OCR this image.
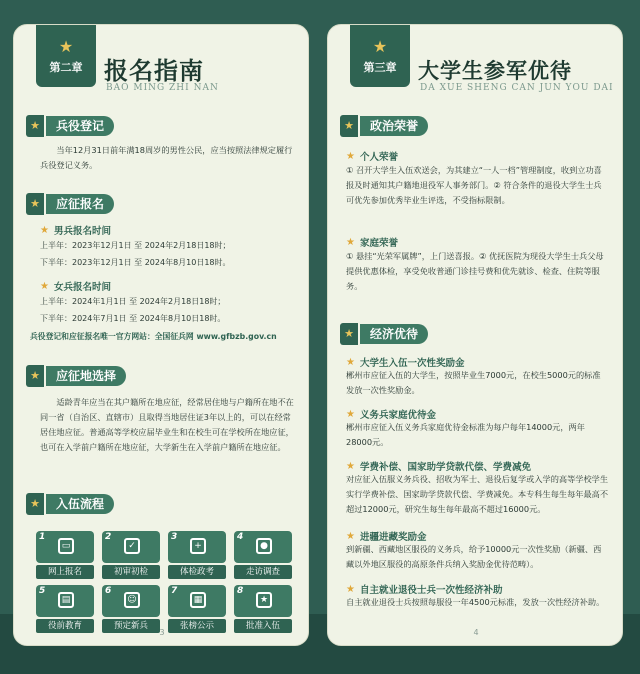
★
第二章 报名指南
BAO MING ZHI NAN
★	兵役登记
当年12月31日前年满18周岁的男性公民，应当按照法律规定履行兵役登记义务。
★	应征报名
★ 男兵报名时间
上半年：2023年12月1日 至 2024年2月18日18时；
下半年：2023年12月1日 至 2024年8月10日18时。
★ 女兵报名时间
上半年：2024年1月1日 至 2024年2月18日18时；
下半年：2024年7月1日 至 2024年8月10日18时。
兵役登记和应征报名唯一官方网站：全国征兵网 www.gfbzb.gov.cn
★	应征地选择
适龄青年应当在其户籍所在地应征，经常居住地与户籍所在地不在同一省（自治区、直辖市）且取得当地居住证3年以上的，可以在经常居住地应征。普通高等学校应届毕业生和在校生可在学校所在地应征，也可在入学前户籍所在地应征，大学新生在入学前户籍所在地应征。
★	入伍流程
1
▭
网上报名
2
✓
初审初检
3
+
体检政考
4
●
走访调查
5
▤
役前教育
6
☺
预定新兵
7
▦
张榜公示
8
★
批准入伍
3
★
第三章	大学生参军优待
DA XUE SHENG CAN JUN YOU DAI
★	政治荣誉
★ 个人荣誉
① 召开大学生入伍欢送会，为其建立“一人一档”管理制度，收到立功喜报及时通知其户籍地退役军人事务部门。② 符合条件的退役大学生士兵可优先参加优秀毕业生评选，不受指标限制。
★ 家庭荣誉
① 悬挂“光荣军属牌”，上门送喜报。② 优抚医院为现役大学生士兵父母提供优惠体检，享受免收普通门诊挂号费和优先就诊、检查、住院等服务。
★	经济优待
★ 大学生入伍一次性奖励金
郴州市应征入伍的大学生，按照毕业生7000元，在校生5000元的标准发放一次性奖励金。
★ 义务兵家庭优待金
郴州市应征入伍义务兵家庭优待金标准为每户每年14000元，两年28000元。
★ 学费补偿、国家助学贷款代偿、学费减免
对应征入伍服义务兵役、招收为军士、退役后复学或入学的高等学校学生实行学费补偿、国家助学贷款代偿、学费减免。本专科生每生每年最高不超过12000元，研究生每生每年最高不超过16000元。
★ 进疆进藏奖励金
到新疆、西藏地区服役的义务兵，给予10000元一次性奖励（新疆、西藏以外地区服役的高原条件兵纳入奖励金优待范畴）。
★ 自主就业退役士兵一次性经济补助
自主就业退役士兵按照每服役一年4500元标准，发放一次性经济补助。
4
